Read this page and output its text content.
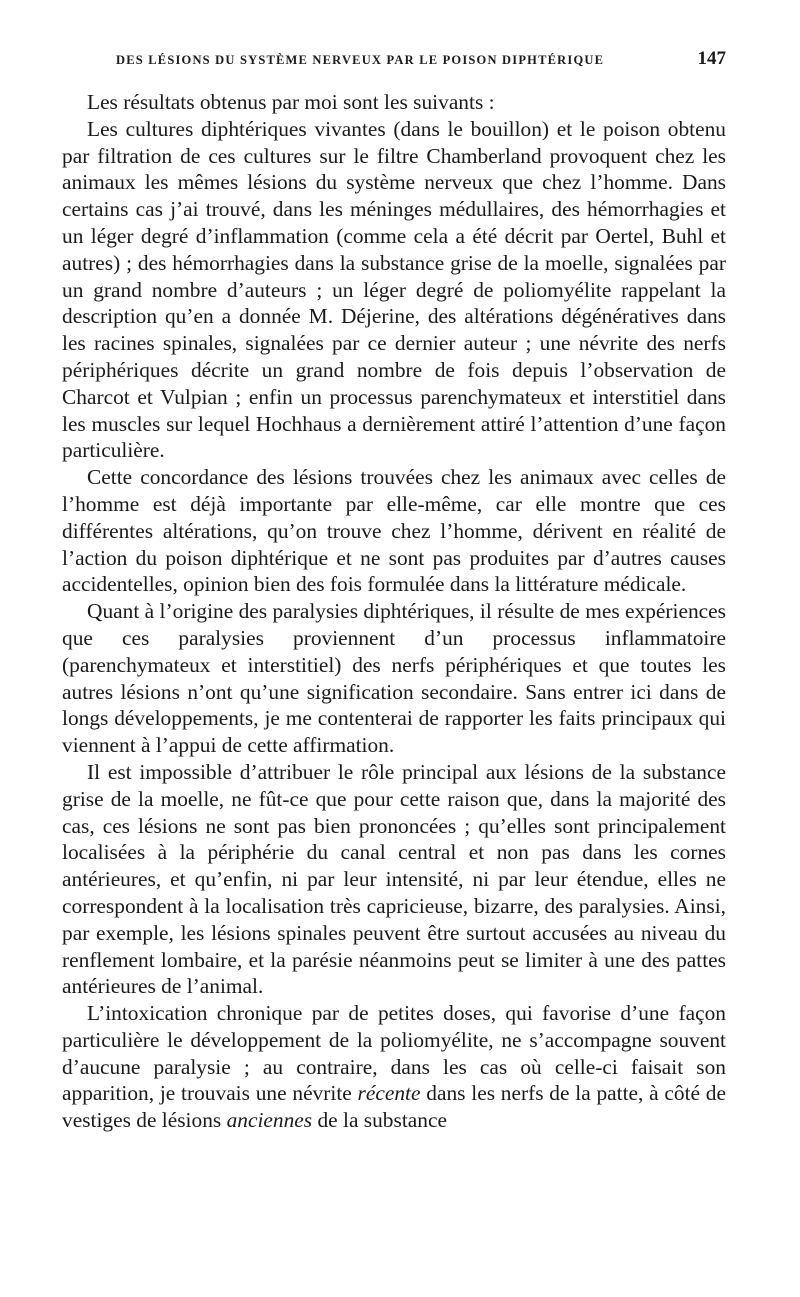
DES LÉSIONS DU SYSTÈME NERVEUX PAR LE POISON DIPHTÉRIQUE	147

Les résultats obtenus par moi sont les suivants :

Les cultures diphtériques vivantes (dans le bouillon) et le poison obtenu par filtration de ces cultures sur le filtre Chamberland provoquent chez les animaux les mêmes lésions du système nerveux que chez l’homme. Dans certains cas j’ai trouvé, dans les méninges médullaires, des hémorrhagies et un léger degré d’inflammation (comme cela a été décrit par Oertel, Buhl et autres) ; des hémorrhagies dans la substance grise de la moelle, signalées par un grand nombre d’auteurs ; un léger degré de poliomyélite rappelant la description qu’en a donnée M. Déjerine, des altérations dégénératives dans les racines spinales, signalées par ce dernier auteur ; une névrite des nerfs périphériques décrite un grand nombre de fois depuis l’observation de Charcot et Vulpian ; enfin un processus parenchymateux et interstitiel dans les muscles sur lequel Hochhaus a dernièrement attiré l’attention d’une façon particulière.

Cette concordance des lésions trouvées chez les animaux avec celles de l’homme est déjà importante par elle-même, car elle montre que ces différentes altérations, qu’on trouve chez l’homme, dérivent en réalité de l’action du poison diphtérique et ne sont pas produites par d’autres causes accidentelles, opinion bien des fois formulée dans la littérature médicale.

Quant à l’origine des paralysies diphtériques, il résulte de mes expériences que ces paralysies proviennent d’un processus inflammatoire (parenchymateux et interstitiel) des nerfs périphériques et que toutes les autres lésions n’ont qu’une signification secondaire. Sans entrer ici dans de longs développements, je me contenterai de rapporter les faits principaux qui viennent à l’appui de cette affirmation.

Il est impossible d’attribuer le rôle principal aux lésions de la substance grise de la moelle, ne fût-ce que pour cette raison que, dans la majorité des cas, ces lésions ne sont pas bien prononcées ; qu’elles sont principalement localisées à la périphérie du canal central et non pas dans les cornes antérieures, et qu’enfin, ni par leur intensité, ni par leur étendue, elles ne correspondent à la localisation très capricieuse, bizarre, des paralysies. Ainsi, par exemple, les lésions spinales peuvent être surtout accusées au niveau du renflement lombaire, et la parésie néanmoins peut se limiter à une des pattes antérieures de l’animal.

L’intoxication chronique par de petites doses, qui favorise d’une façon particulière le développement de la poliomyélite, ne s’accompagne souvent d’aucune paralysie ; au contraire, dans les cas où celle-ci faisait son apparition, je trouvais une névrite récente dans les nerfs de la patte, à côté de vestiges de lésions anciennes de la substance
